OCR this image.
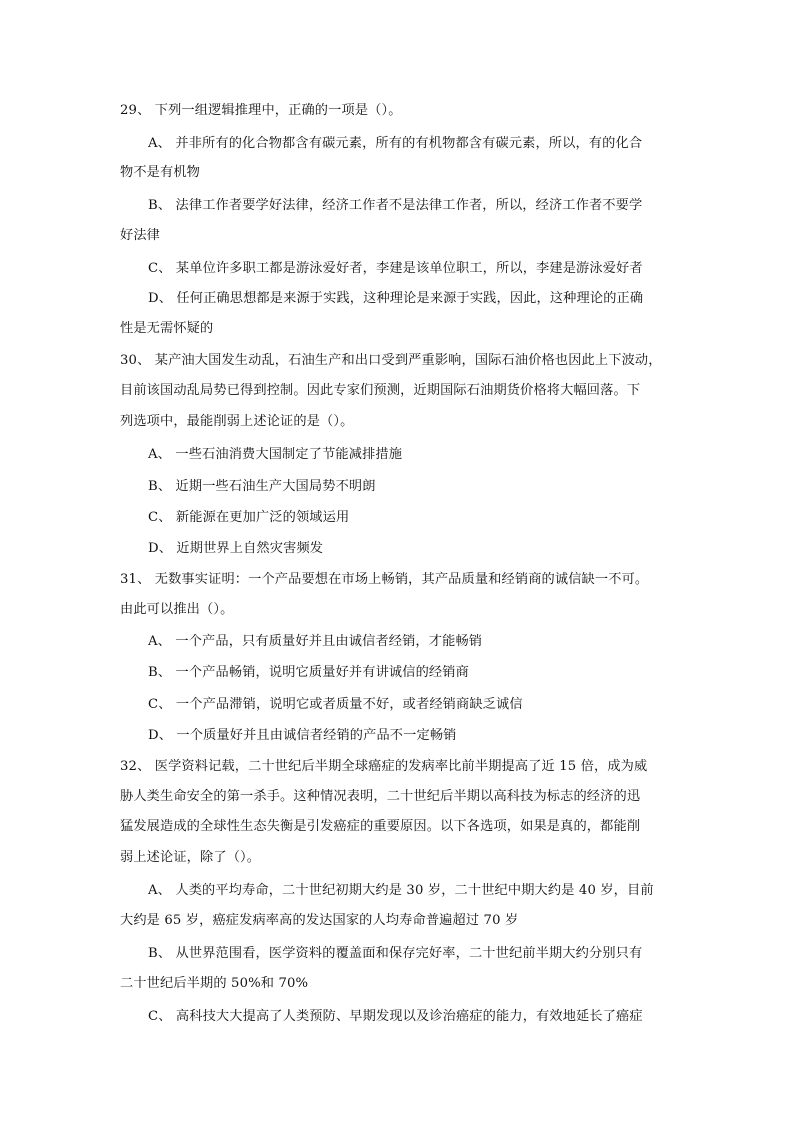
29、 下列一组逻辑推理中，正确的一项是（）。
A、 并非所有的化合物都含有碳元素，所有的有机物都含有碳元素，所以，有的化合
物不是有机物
B、 法律工作者要学好法律，经济工作者不是法律工作者，所以，经济工作者不要学
好法律
C、 某单位许多职工都是游泳爱好者，李建是该单位职工，所以，李建是游泳爱好者
D、 任何正确思想都是来源于实践，这种理论是来源于实践，因此，这种理论的正确
性是无需怀疑的
30、 某产油大国发生动乱，石油生产和出口受到严重影响，国际石油价格也因此上下波动，
目前该国动乱局势已得到控制。因此专家们预测，近期国际石油期货价格将大幅回落。下
列选项中，最能削弱上述论证的是（）。
A、 一些石油消费大国制定了节能减排措施
B、 近期一些石油生产大国局势不明朗
C、 新能源在更加广泛的领域运用
D、 近期世界上自然灾害频发
31、 无数事实证明：一个产品要想在市场上畅销，其产品质量和经销商的诚信缺一不可。
由此可以推出（）。
A、 一个产品，只有质量好并且由诚信者经销，才能畅销
B、 一个产品畅销，说明它质量好并有讲诚信的经销商
C、 一个产品滞销，说明它或者质量不好，或者经销商缺乏诚信
D、 一个质量好并且由诚信者经销的产品不一定畅销
32、 医学资料记载，二十世纪后半期全球癌症的发病率比前半期提高了近 15 倍，成为威
胁人类生命安全的第一杀手。这种情况表明，二十世纪后半期以高科技为标志的经济的迅
猛发展造成的全球性生态失衡是引发癌症的重要原因。以下各选项，如果是真的，都能削
弱上述论证，除了（）。
A、 人类的平均寿命，二十世纪初期大约是 30 岁，二十世纪中期大约是 40 岁，目前
大约是 65 岁，癌症发病率高的发达国家的人均寿命普遍超过 70 岁
B、 从世界范围看，医学资料的覆盖面和保存完好率，二十世纪前半期大约分别只有
二十世纪后半期的 50%和 70%
C、 高科技大大提高了人类预防、早期发现以及诊治癌症的能力，有效地延长了癌症
